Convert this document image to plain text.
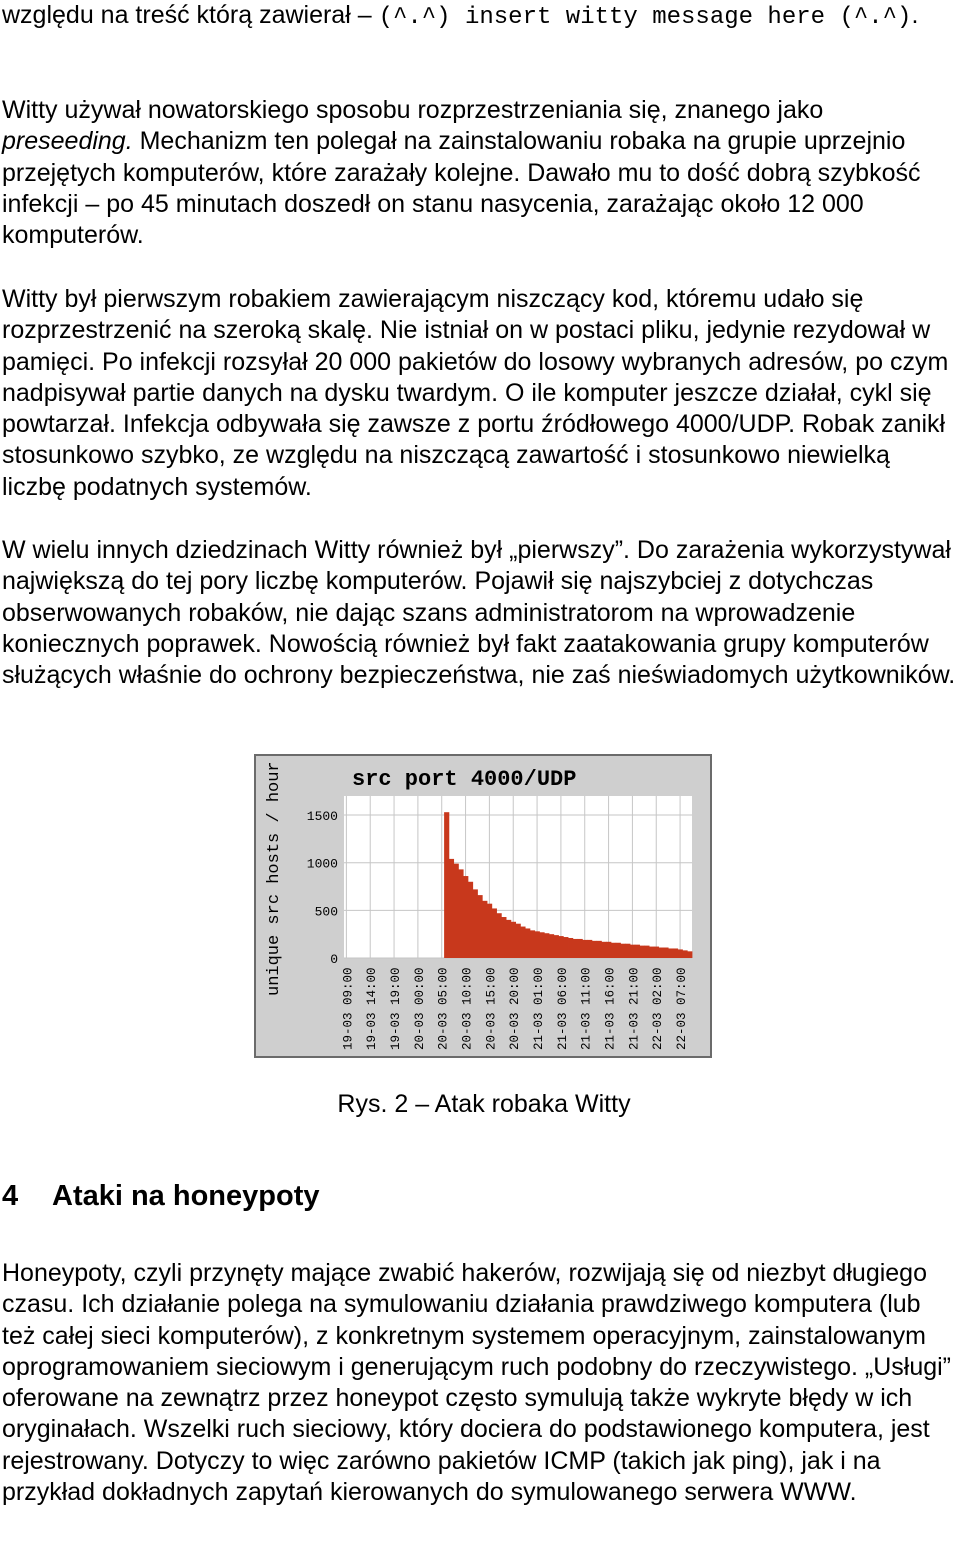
względu na treść którą zawierał – (^.^) insert witty message here (^.^).

Witty używał nowatorskiego sposobu rozprzestrzeniania się, znanego jako preseeding. Mechanizm ten polegał na zainstalowaniu robaka na grupie uprzejnio przejętych komputerów, które zarażały kolejne. Dawało mu to dość dobrą szybkość infekcji – po 45 minutach doszedł on stanu nasycenia, zarażając około 12 000 komputerów.

Witty był pierwszym robakiem zawierającym niszczący kod, któremu udało się rozprzestrzenić na szeroką skalę. Nie istniał on w postaci pliku, jedynie rezydował w pamięci. Po infekcji rozsyłał 20 000 pakietów do losowy wybranych adresów, po czym nadpisywał partie danych na dysku twardym. O ile komputer jeszcze działał, cykl się powtarzał. Infekcja odbywała się zawsze z portu źródłowego 4000/UDP. Robak zanikł stosunkowo szybko, ze względu na niszczącą zawartość i stosunkowo niewielką liczbę podatnych systemów.

W wielu innych dziedzinach Witty również był „pierwszy”. Do zarażenia wykorzystywał największą do tej pory liczbę komputerów. Pojawił się najszybciej z dotychczas obserwowanych robaków, nie dając szans administratorom na wprowadzenie koniecznych poprawek. Nowością również był fakt zaatakowania grupy komputerów służących właśnie do ochrony bezpieczeństwa, nie zaś nieświadomych użytkowników.

0
500
1000
1500
19-03 09:00 19-03 14:00 19-03 19:00 20-03 00:00 20-03 05:00 20-03 10:00 20-03 15:00 20-03 20:00 21-03 01:00 21-03 06:00 21-03 11:00 21-03 16:00 21-03 21:00 22-03 02:00 22-03 07:00
src port 4000/UDP
unique src hosts / hour
Rys. 2 – Atak robaka Witty
4 Ataki na honeypoty

Honeypoty, czyli przynęty mające zwabić hakerów, rozwijają się od niezbyt długiego czasu. Ich działanie polega na symulowaniu działania prawdziwego komputera (lub też całej sieci komputerów), z konkretnym systemem operacyjnym, zainstalowanym oprogramowaniem sieciowym i generującym ruch podobny do rzeczywistego. „Usługi” oferowane na zewnątrz przez honeypot często symulują także wykryte błędy w ich oryginałach. Wszelki ruch sieciowy, który dociera do podstawionego komputera, jest rejestrowany. Dotyczy to więc zarówno pakietów ICMP (takich jak ping), jak i na przykład dokładnych zapytań kierowanych do symulowanego serwera WWW.
